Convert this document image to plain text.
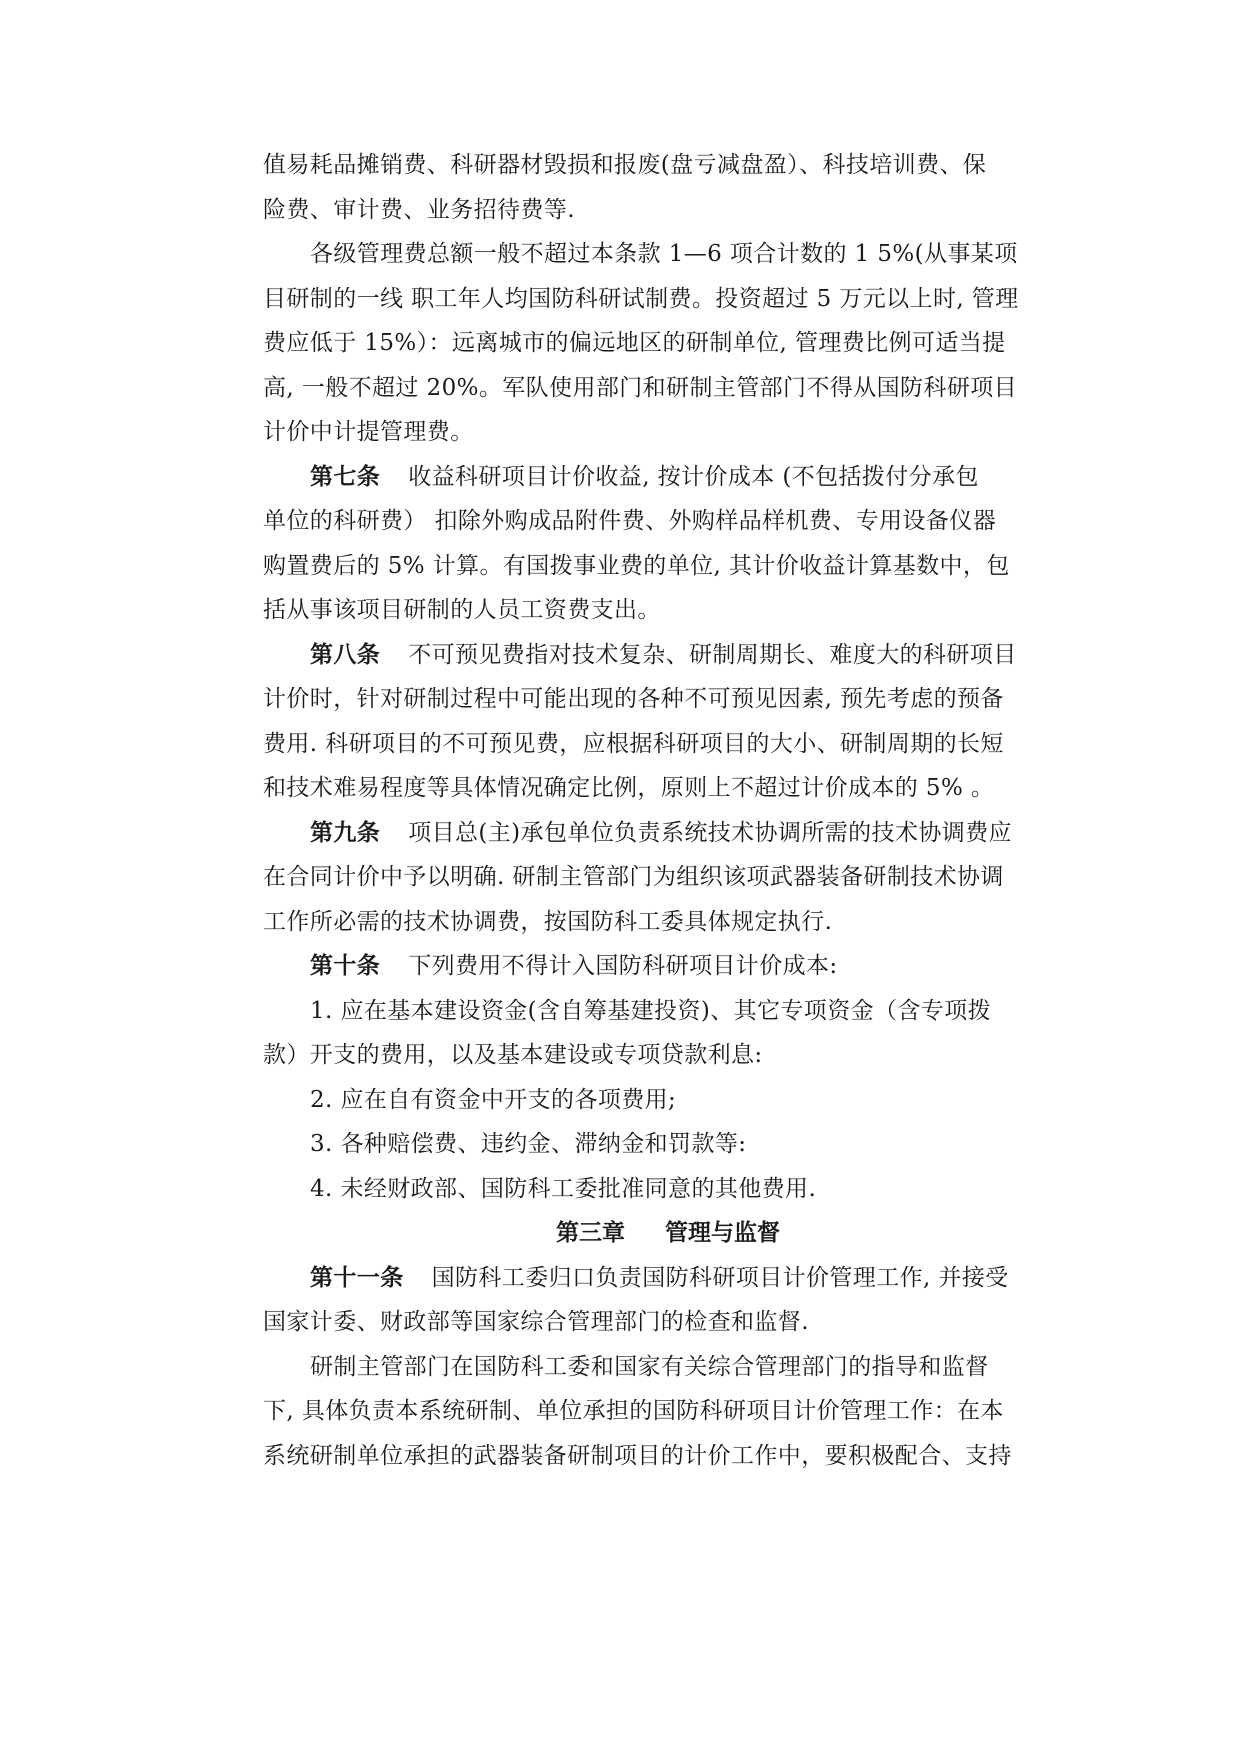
值易耗品摊销费、科研器材毁损和报废(盘亏减盘盈）、科技培训费、保
险费、审计费、业务招待费等.
各级管理费总额一般不超过本条款 1—6 项合计数的 1 5%(从事某项
目研制的一线 职工年人均国防科研试制费。投资超过 5 万元以上时, 管理
费应低于 15%）：远离城市的偏远地区的研制单位, 管理费比例可适当提
高, 一般不超过 20%。军队使用部门和研制主管部门不得从国防科研项目
计价中计提管理费。
第七条 收益科研项目计价收益, 按计价成本 (不包括拨付分承包
单位的科研费） 扣除外购成品附件费、外购样品样机费、专用设备仪器
购置费后的 5% 计算。有国拨事业费的单位, 其计价收益计算基数中，包
括从事该项目研制的人员工资费支出。
第八条 不可预见费指对技术复杂、研制周期长、难度大的科研项目
计价时，针对研制过程中可能出现的各种不可预见因素, 预先考虑的预备
费用. 科研项目的不可预见费，应根据科研项目的大小、研制周期的长短
和技术难易程度等具体情况确定比例，原则上不超过计价成本的 5% 。
第九条 项目总(主)承包单位负责系统技术协调所需的技术协调费应
在合同计价中予以明确. 研制主管部门为组织该项武器装备研制技术协调
工作所必需的技术协调费，按国防科工委具体规定执行.
第十条 下列费用不得计入国防科研项目计价成本:
1. 应在基本建设资金(含自筹基建投资)、其它专项资金（含专项拨
款）开支的费用，以及基本建设或专项贷款利息:
2. 应在自有资金中开支的各项费用;
3. 各种赔偿费、违约金、滞纳金和罚款等:
4. 未经财政部、国防科工委批准同意的其他费用.
第三章 管理与监督
第十一条 国防科工委归口负责国防科研项目计价管理工作, 并接受
国家计委、财政部等国家综合管理部门的检查和监督.
研制主管部门在国防科工委和国家有关综合管理部门的指导和监督
下, 具体负责本系统研制、单位承担的国防科研项目计价管理工作：在本
系统研制单位承担的武器装备研制项目的计价工作中，要积极配合、支持
